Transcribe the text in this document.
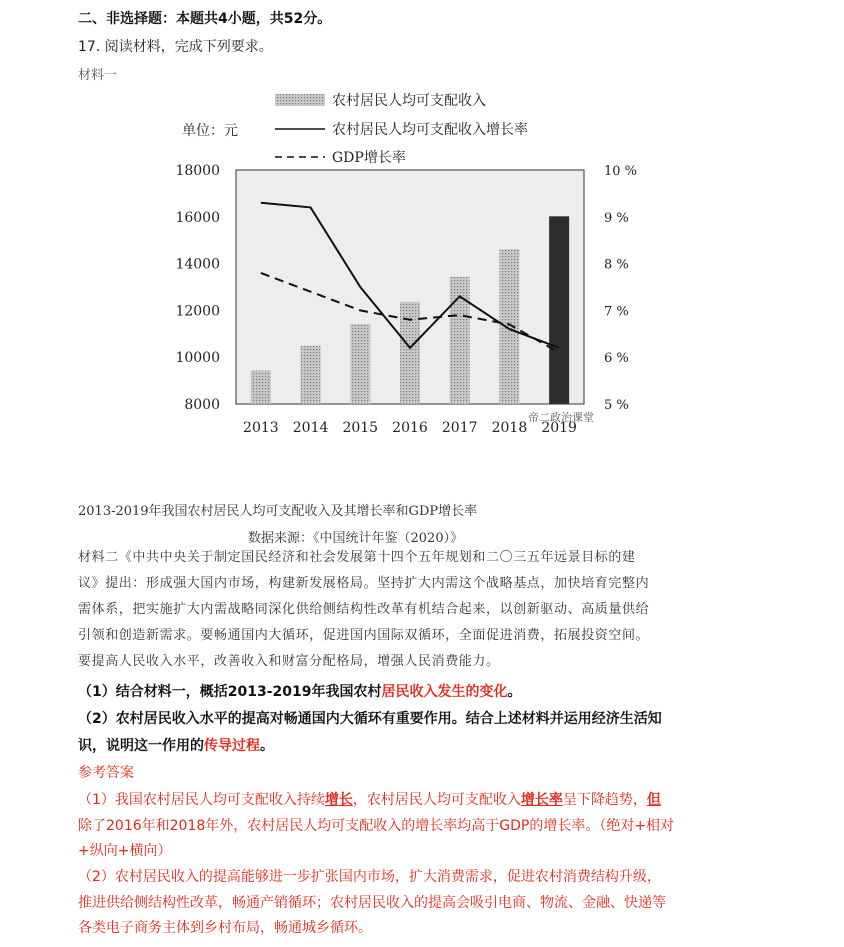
二、非选择题：本题共4小题，共52分。
17. 阅读材料，完成下列要求。
材料一
农村居民人均可支配收入
农村居民人均可支配收入增长率
GDP增长率
单位：元
8000
10000
12000
14000
16000
18000
5 %
6 %
7 %
8 %
9 %
10 %
2013 2014 2015 2016 2017 2018 2019
帝二政治课堂
2013-2019年我国农村居民人均可支配收入及其增长率和GDP增长率
数据来源：《中国统计年鉴（2020）》
材料二《中共中央关于制定国民经济和社会发展第十四个五年规划和二〇三五年远景目标的建
议》提出：形成强大国内市场，构建新发展格局。坚持扩大内需这个战略基点，加快培育完整内
需体系，把实施扩大内需战略同深化供给侧结构性改革有机结合起来，以创新驱动、高质量供给
引领和创造新需求。要畅通国内大循环，促进国内国际双循环，全面促进消费，拓展投资空间。
要提高人民收入水平，改善收入和财富分配格局，增强人民消费能力。
（1）结合材料一，概括2013-2019年我国农村居民收入发生的变化。
（2）农村居民收入水平的提高对畅通国内大循环有重要作用。结合上述材料并运用经济生活知
识，说明这一作用的传导过程。
参考答案
（1）我国农村居民人均可支配收入持续增长，农村居民人均可支配收入增长率呈下降趋势，但
除了2016年和2018年外，农村居民人均可支配收入的增长率均高于GDP的增长率。（绝对+相对
+纵向+横向）
（2）农村居民收入的提高能够进一步扩张国内市场，扩大消费需求，促进农村消费结构升级，
推进供给侧结构性改革，畅通产销循环；农村居民收入的提高会吸引电商、物流、金融、快递等
各类电子商务主体到乡村布局，畅通城乡循环。
